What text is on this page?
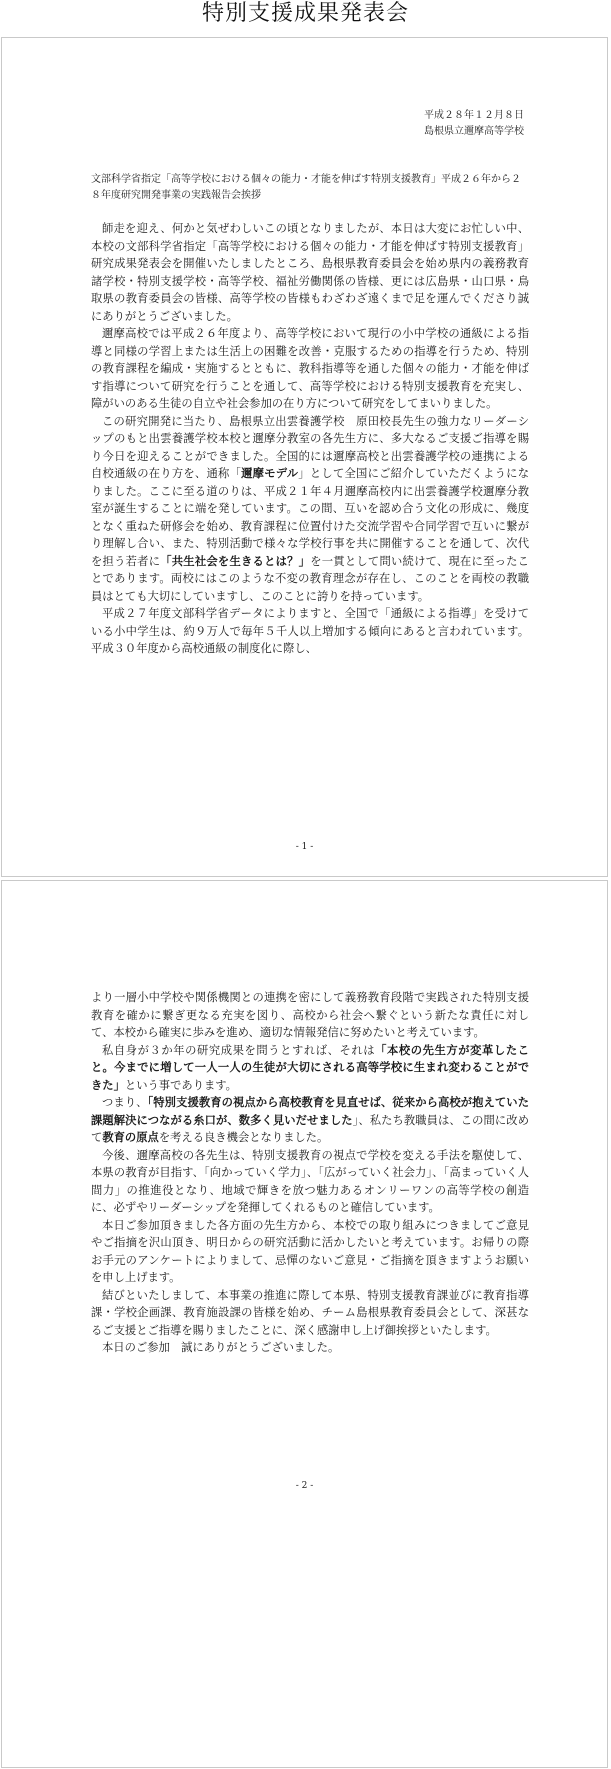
特別支援成果発表会

平成２８年１２月８日

島根県立邇摩高等学校

文部科学省指定「高等学校における個々の能力・才能を伸ばす特別支援教育」平成２６年から２８年度研究開発事業の実践報告会挨拶

師走を迎え、何かと気ぜわしいこの頃となりましたが、本日は大変にお忙しい中、本校の文部科学省指定「高等学校における個々の能力・才能を伸ばす特別支援教育」研究成果発表会を開催いたしましたところ、島根県教育委員会を始め県内の義務教育諸学校・特別支援学校・高等学校、福祉労働関係の皆様、更には広島県・山口県・鳥取県の教育委員会の皆様、高等学校の皆様もわざわざ遠くまで足を運んでくださり誠にありがとうございました。

邇摩高校では平成２６年度より、高等学校において現行の小中学校の通級による指導と同様の学習上または生活上の困難を改善・克服するための指導を行うため、特別の教育課程を編成・実施するとともに、教科指導等を通した個々の能力・才能を伸ばす指導について研究を行うことを通して、高等学校における特別支援教育を充実し、障がいのある生徒の自立や社会参加の在り方について研究をしてまいりました。

この研究開発に当たり、島根県立出雲養護学校　原田校長先生の強力なリーダーシップのもと出雲養護学校本校と邇摩分教室の各先生方に、多大なるご支援ご指導を賜り今日を迎えることができました。全国的には邇摩高校と出雲養護学校の連携による自校通級の在り方を、通称「邇摩モデル」として全国にご紹介していただくようになりました。ここに至る道のりは、平成２１年４月邇摩高校内に出雲養護学校邇摩分教室が誕生することに端を発しています。この間、互いを認め合う文化の形成に、幾度となく重ねた研修会を始め、教育課程に位置付けた交流学習や合同学習で互いに繋がり理解し合い、また、特別活動で様々な学校行事を共に開催することを通して、次代を担う若者に「共生社会を生きるとは？」を一貫として問い続けて、現在に至ったことであります。両校にはこのような不変の教育理念が存在し、このことを両校の教職員はとても大切にしていますし、このことに誇りを持っています。

平成２７年度文部科学省データによりますと、全国で「通級による指導」を受けている小中学生は、約９万人で毎年５千人以上増加する傾向にあると言われています。平成３０年度から高校通級の制度化に際し、

- 1 -

より一層小中学校や関係機関との連携を密にして義務教育段階で実践された特別支援教育を確かに繋ぎ更なる充実を図り、高校から社会へ繋ぐという新たな責任に対して、本校から確実に歩みを進め、適切な情報発信に努めたいと考えています。

私自身が３か年の研究成果を問うとすれば、それは「本校の先生方が変革したこと。今までに増して一人一人の生徒が大切にされる高等学校に生まれ変わることができた」という事であります。

つまり、「特別支援教育の視点から高校教育を見直せば、従来から高校が抱えていた課題解決につながる糸口が、数多く見いだせました」、私たち教職員は、この間に改めて教育の原点を考える良き機会となりました。

今後、邇摩高校の各先生は、特別支援教育の視点で学校を変える手法を駆使して、本県の教育が目指す、「向かっていく学力」、「広がっていく社会力」、「高まっていく人間力」の推進役となり、地域で輝きを放つ魅力あるオンリーワンの高等学校の創造に、必ずやリーダーシップを発揮してくれるものと確信しています。

本日ご参加頂きました各方面の先生方から、本校での取り組みにつきましてご意見やご指摘を沢山頂き、明日からの研究活動に活かしたいと考えています。お帰りの際お手元のアンケートによりまして、忌憚のないご意見・ご指摘を頂きますようお願いを申し上げます。

結びといたしまして、本事業の推進に際して本県、特別支援教育課並びに教育指導課・学校企画課、教育施設課の皆様を始め、チーム島根県教育委員会として、深甚なるご支援とご指導を賜りましたことに、深く感謝申し上げ御挨拶といたします。

本日のご参加　誠にありがとうございました。

- 2 -
